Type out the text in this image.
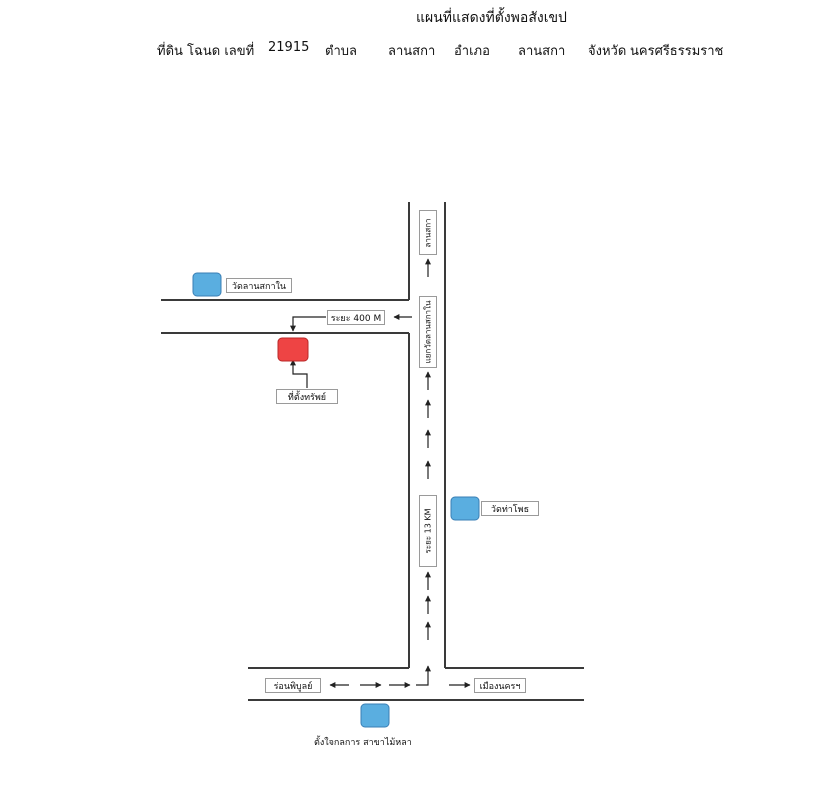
แผนที่แสดงที่ตั้งพอสังเขป
ที่ดิน โฉนด เลขที่ 21915 ตำบล ลานสกา อำเภอ ลานสกา จังหวัด นครศรีธรรมราช
ลานสกา
แยกวัดลานสกาใน
ระยะ 13 KM
ระยะ 400 M
วัดลานสกาใน
วัดท่าโพธ
ที่ตั้งทรัพย์
ร่อนพิบูลย์	เมืองนครฯ
ตั้งใจกลการ สาขาไม้หลา
